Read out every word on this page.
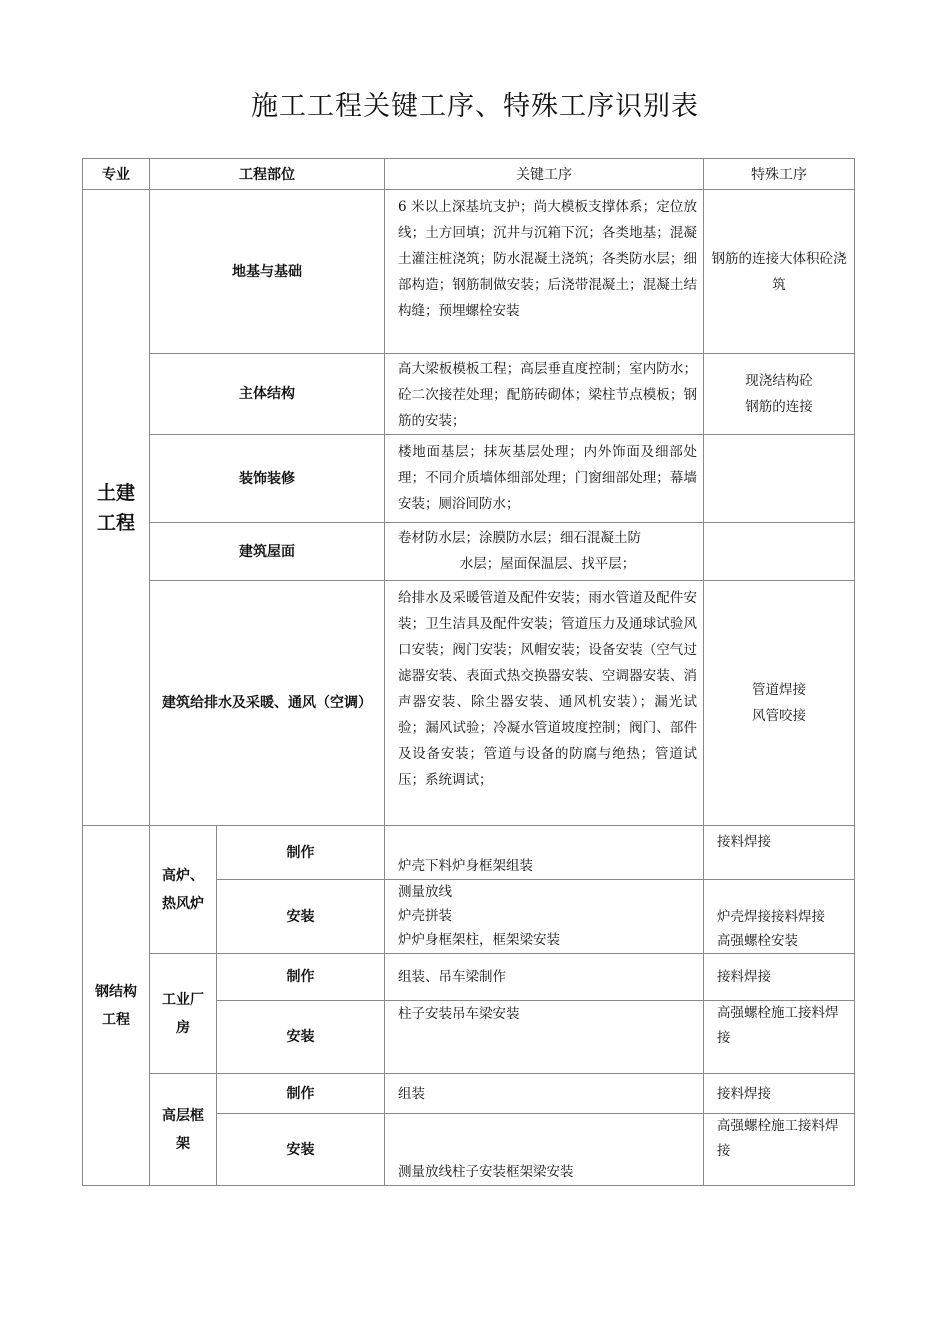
施工工程关键工序、特殊工序识别表
专业	工程部位		关键工序	特殊工序
土建
工程	地基与基础		6 米以上深基坑支护；尚大模板支撑体系；定位放线；土方回填；沉井与沉箱下沉；各类地基；混凝土灌注桩浇筑；防水混凝土浇筑；各类防水层；细部构造；钢筋制做安装；后浇带混凝土；混凝土结构缝；预埋螺栓安装	钢筋的连接大体积砼浇筑
	主体结构		高大梁板模板工程；高层垂直度控制；室内防水；砼二次接茬处理；配筋砖砌体；梁柱节点模板；钢筋的安装；	现浇结构砼
钢筋的连接
	装饰装修		楼地面基层；抹灰基层处理；内外饰面及细部处理；不同介质墙体细部处理；门窗细部处理；幕墙安装；厕浴间防水；	
	建筑屋面		卷材防水层；涂膜防水层；细石混凝土防
水层；屋面保温层、找平层；	

	建筑给排水及采暖、通风（空调）		给排水及采暖管道及配件安装；雨水管道及配件安装；卫生洁具及配件安装；管道压力及通球试验风口安装；阀门安装；风帽安装；设备安装（空气过滤器安装、表面式热交换器安装、空调器安装、消声器安装、除尘器安装、通风机安装）；漏光试验；漏风试验；冷凝水管道坡度控制；阀门、部件及设备安装；管道与设备的防腐与绝热；管道试压；系统调试；	管道焊接
风管咬接
钢结构
工程	高炉、
热风炉	制作	炉壳下料炉身框架组装	接料焊接
		安装	测量放线
炉壳拼装
炉炉身框架柱，框架梁安装	炉壳焊接接料焊接
高强螺栓安装
	工业厂
房	制作	组装、吊车梁制作	接料焊接
		安装	柱子安装吊车梁安装	高强螺栓施工接料焊接
	高层框
架	制作	组装	接料焊接
		安装	测量放线柱子安装框架梁安装	高强螺栓施工接料焊接
